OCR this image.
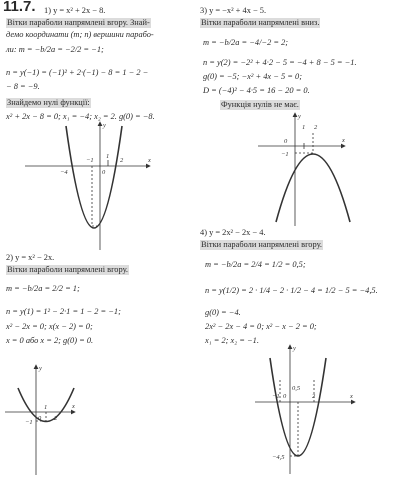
11.7. 1) y = x² + 2x − 8.
Вітки параболи напрямлені вгору. Знай-
демо координати (m; n) вершини парабо-
ли: m = −b/2a = −2/2 = −1;
n = y(−1) = (−1)² + 2·(−1) − 8 = 1 − 2 −
− 8 = −9.
Знайдемо нулі функції:
x² + 2x − 8 = 0; x₁ = −4; x₂ = 2. g(0) = −8.
2) y = x² − 2x.
Вітки параболи напрямлені вгору.
m = −b/2a = 2/2 = 1;
n = y(1) = 1² − 2·1 = 1 − 2 = −1;
x² − 2x = 0; x(x − 2) = 0;
x = 0 або x = 2; g(0) = 0.
3) y = −x² + 4x − 5.
Вітки параболи напрямлені вниз.
m = −b/2a = −4/−2 = 2;
n = y(2) = −2² + 4·2 − 5 = −4 + 8 − 5 = −1.
g(0) = −5; −x² + 4x − 5 = 0;
D = (−4)² − 4·5 = 16 − 20 = 0.
Функція нулів не має.
4) y = 2x² − 2x − 4.
Вітки параболи напрямлені вгору.
m = −b/2a = 2/4 = 1/2 = 0,5;
n = y(1/2) = 2 · 1/4 − 2 · 1/2 − 4 = 1/2 − 5 = −4,5.
g(0) = −4.
2x² − 2x − 4 = 0; x² − x − 2 = 0;
x₁ = 2; x₂ = −1.
x
y
0
−4
−1
1
2
x
y
0
1
2
−1
x
y
0
1 2
−1
x
y
0
0,5
−1	2
−4,5
